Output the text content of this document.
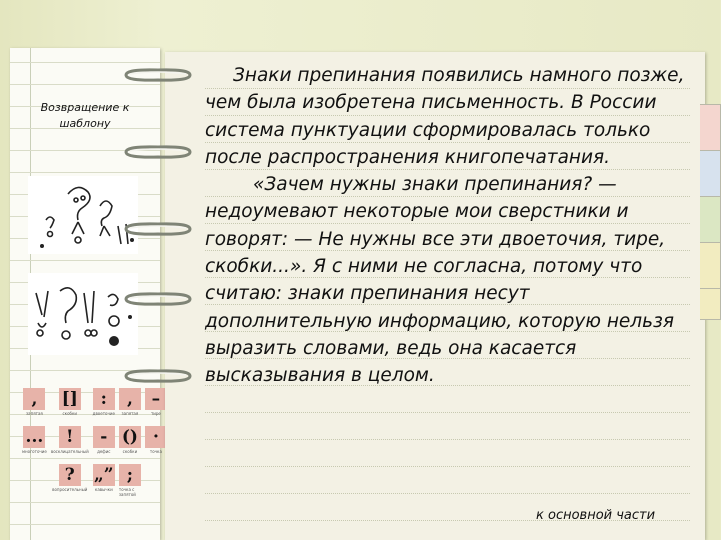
Возвращение к шаблону
,
запятая
[]
скобки
:
двоеточие
,
запятая
–
тире
...
многоточие
!
восклицательный
-
дефис
()
скобки
·
точка
?
вопросительный
„”
кавычки
;
точка с запятой

Знаки препинания появились намного позже, чем была изобретена письменность. В России система пунктуации сформировалась только после распространения книгопечатания.

«Зачем нужны знаки препинания? — недоумевают некоторые мои сверстники и говорят: — Не нужны все эти двоеточия, тире, скобки...». Я с ними не согласна, потому что считаю: знаки препинания несут дополнительную информацию, которую нельзя выразить словами, ведь она касается высказывания в целом.

к основной части
